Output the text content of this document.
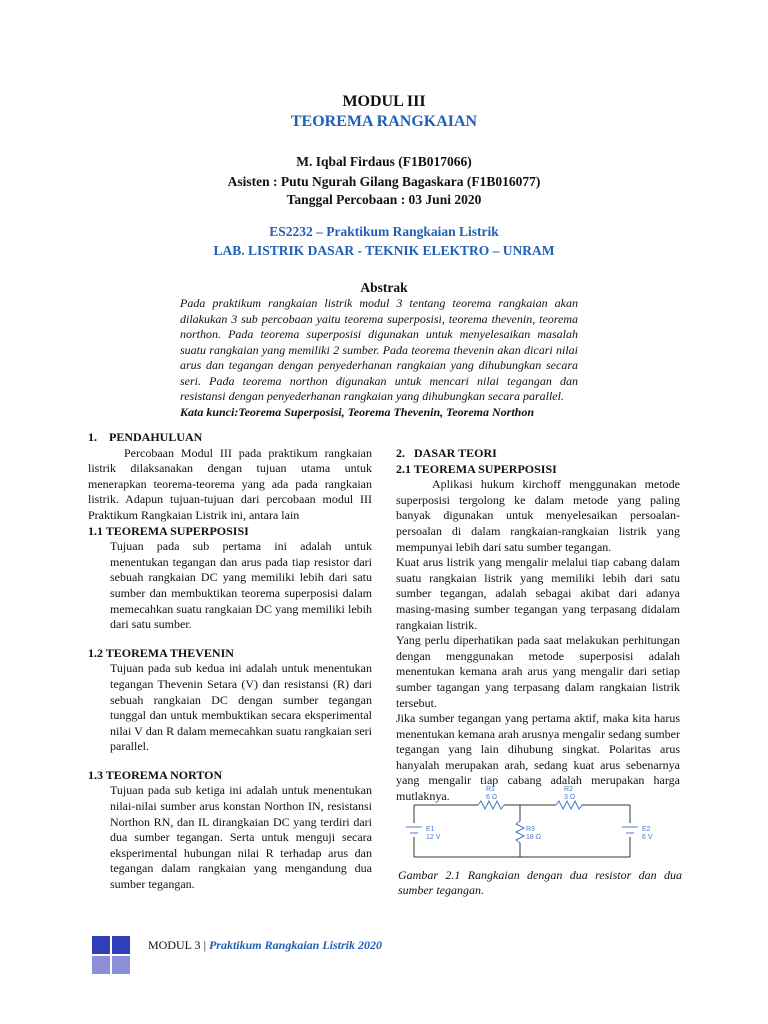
MODUL III
TEOREMA RANGKAIAN
M. Iqbal Firdaus (F1B017066)
Asisten : Putu Ngurah Gilang Bagaskara (F1B016077)
Tanggal Percobaan : 03 Juni 2020
ES2232 – Praktikum Rangkaian Listrik
LAB. LISTRIK DASAR - TEKNIK ELEKTRO – UNRAM
Abstrak

Pada praktikum rangkaian listrik modul 3 tentang teorema rangkaian akan dilakukan 3 sub percobaan yaitu teorema superposisi, teorema thevenin, teorema northon. Pada teorema superposisi digunakan untuk menyelesaikan masalah suatu rangkaian yang memiliki 2 sumber. Pada teorema thevenin akan dicari nilai arus dan tegangan dengan penyederhanan rangkaian yang dihubungkan secara seri. Pada teorema northon digunakan untuk mencari nilai tegangan dan resistansi dengan penyederhanan rangkaian yang dihubungkan secara parallel.

Kata kunci:Teorema Superposisi, Teorema Thevenin, Teorema Northon

1.    PENDAHULUAN

Percobaan Modul III pada praktikum rangkaian listrik dilaksanakan dengan tujuan utama untuk menerapkan teorema-teorema yang ada pada rangkaian listrik. Adapun tujuan-tujuan dari percobaan modul III Praktikum Rangkaian Listrik ini, antara lain

1.1 TEOREMA SUPERPOSISI

Tujuan pada sub pertama ini adalah untuk menentukan tegangan dan arus pada tiap resistor dari sebuah rangkaian DC yang memiliki lebih dari satu sumber dan membuktikan teorema superposisi dalam memecahkan suatu rangkaian DC yang memiliki lebih dari satu sumber.

1.2 TEOREMA THEVENIN

Tujuan pada sub kedua ini adalah untuk menentukan tegangan Thevenin Setara (V) dan resistansi (R) dari sebuah rangkaian DC dengan sumber tegangan tunggal dan untuk membuktikan secara eksperimental nilai V dan R dalam memecahkan suatu rangkaian seri parallel.

1.3 TEOREMA NORTON

Tujuan pada sub ketiga ini adalah untuk menentukan nilai-nilai sumber arus konstan Northon IN, resistansi Northon RN, dan IL dirangkaian DC yang terdiri dari dua sumber tegangan. Serta untuk menguji secara eksperimental hubungan nilai R terhadap arus dan tegangan dalam rangkaian yang mengandung dua sumber tegangan.

2.   DASAR TEORI
2.1 TEOREMA SUPERPOSISI

Aplikasi hukum kirchoff menggunakan metode superposisi tergolong ke dalam metode yang paling banyak digunakan untuk menyelesaikan persoalan-persoalan di dalam rangkaian-rangkaian listrik yang mempunyai lebih dari satu sumber tegangan.

Kuat arus listrik yang mengalir melalui tiap cabang dalam suatu rangkaian listrik yang memiliki lebih dari satu sumber tegangan, adalah sebagai akibat dari adanya masing-masing sumber tegangan yang terpasang didalam rangkaian listrik.

Yang perlu diperhatikan pada saat melakukan perhitungan dengan menggunakan metode superposisi adalah menentukan kemana arah arus yang mengalir dari setiap sumber tagangan yang terpasang dalam rangkaian listrik tersebut.

Jika sumber tegangan yang pertama aktif, maka kita harus menentukan kemana arah arusnya mengalir sedang sumber tegangan yang lain dihubung singkat. Polaritas arus hanyalah merupakan arah, sedang kuat arus sebenarnya yang mengalir tiap cabang adalah merupakan harga mutlaknya.	R1
6 Ω
R2
3 Ω
R3
18 Ω
E1
12 V
E2
6 V
Gambar 2.1 Rangkaian dengan dua resistor dan dua sumber tegangan.
MODUL 3 | Praktikum Rangkaian Listrik 2020
